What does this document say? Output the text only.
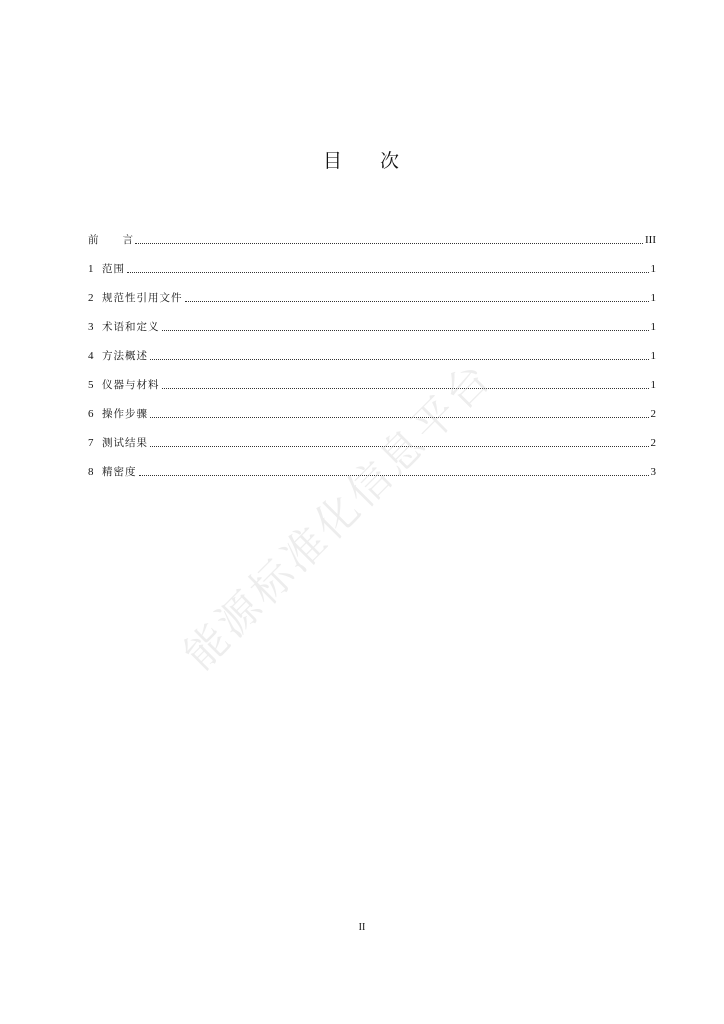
目 次
前 言	III
1 范围	1
2 规范性引用文件	1
3 术语和定义	1
4 方法概述	1
5 仪器与材料	1
6 操作步骤	2
7 测试结果	2
8 精密度	3
能源标准化信息平台
II
